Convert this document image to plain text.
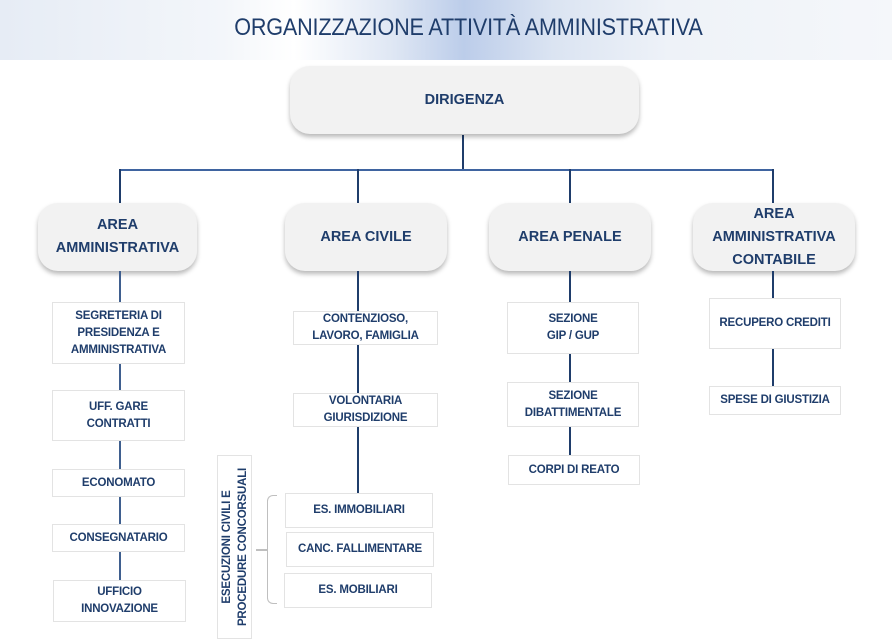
ORGANIZZAZIONE ATTIVITÀ AMMINISTRATIVA
DIRIGENZA
AREA AMMINISTRATIVA
AREA CIVILE	AREA PENALE
AREA AMMINISTRATIVA CONTABILE
SEGRETERIA DI PRESIDENZA E AMMINISTRATIVA
UFF. GARE CONTRATTI
ECONOMATO
CONSEGNATARIO
UFFICIO INNOVAZIONE
CONTENZIOSO, LAVORO, FAMIGLIA
VOLONTARIA GIURISDIZIONE
ESECUZIONI CIVILI E PROCEDURE CONCORSUALI	ES. IMMOBILIARI
CANC. FALLIMENTARE
ES. MOBILIARI
SEZIONE GIP / GUP
SEZIONE DIBATTIMENTALE
CORPI DI REATO
RECUPERO CREDITI
SPESE DI GIUSTIZIA
